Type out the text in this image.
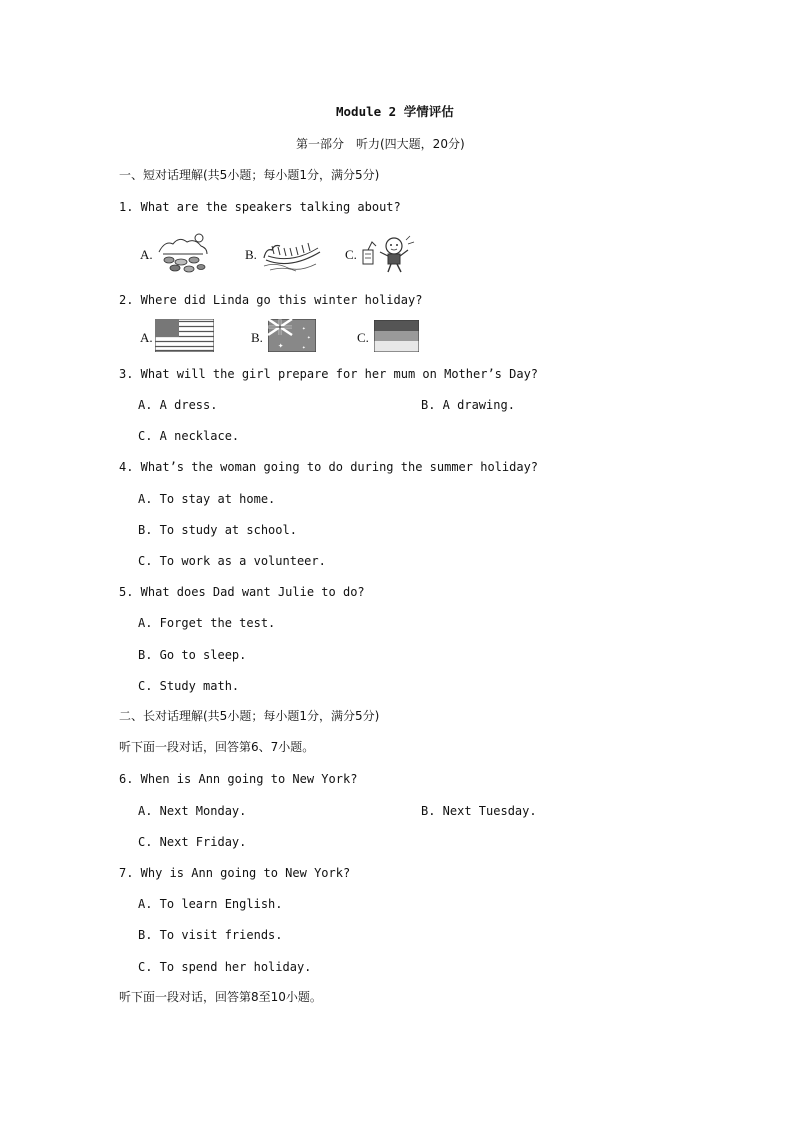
Module 2 学情评估
第一部分　听力(四大题，20分)
一、短对话理解(共5小题；每小题1分，满分5分)
1. What are the speakers talking about?
A.	B.	C.
2. Where did Linda go this winter holiday?
A.	B.
✦
✦
✦
✦
C.
3. What will the girl prepare for her mum on Mother’s Day?
A. A dress.	B. A drawing.
C. A necklace.
4. What’s the woman going to do during the summer holiday?
A. To stay at home.
B. To study at school.
C. To work as a volunteer.
5. What does Dad want Julie to do?
A. Forget the test.
B. Go to sleep.
C. Study math.
二、长对话理解(共5小题；每小题1分，满分5分)
听下面一段对话，回答第6、7小题。
6. When is Ann going to New York?
A. Next Monday.	B. Next Tuesday.
C. Next Friday.
7. Why is Ann going to New York?
A. To learn English.
B. To visit friends.
C. To spend her holiday.
听下面一段对话，回答第8至10小题。
